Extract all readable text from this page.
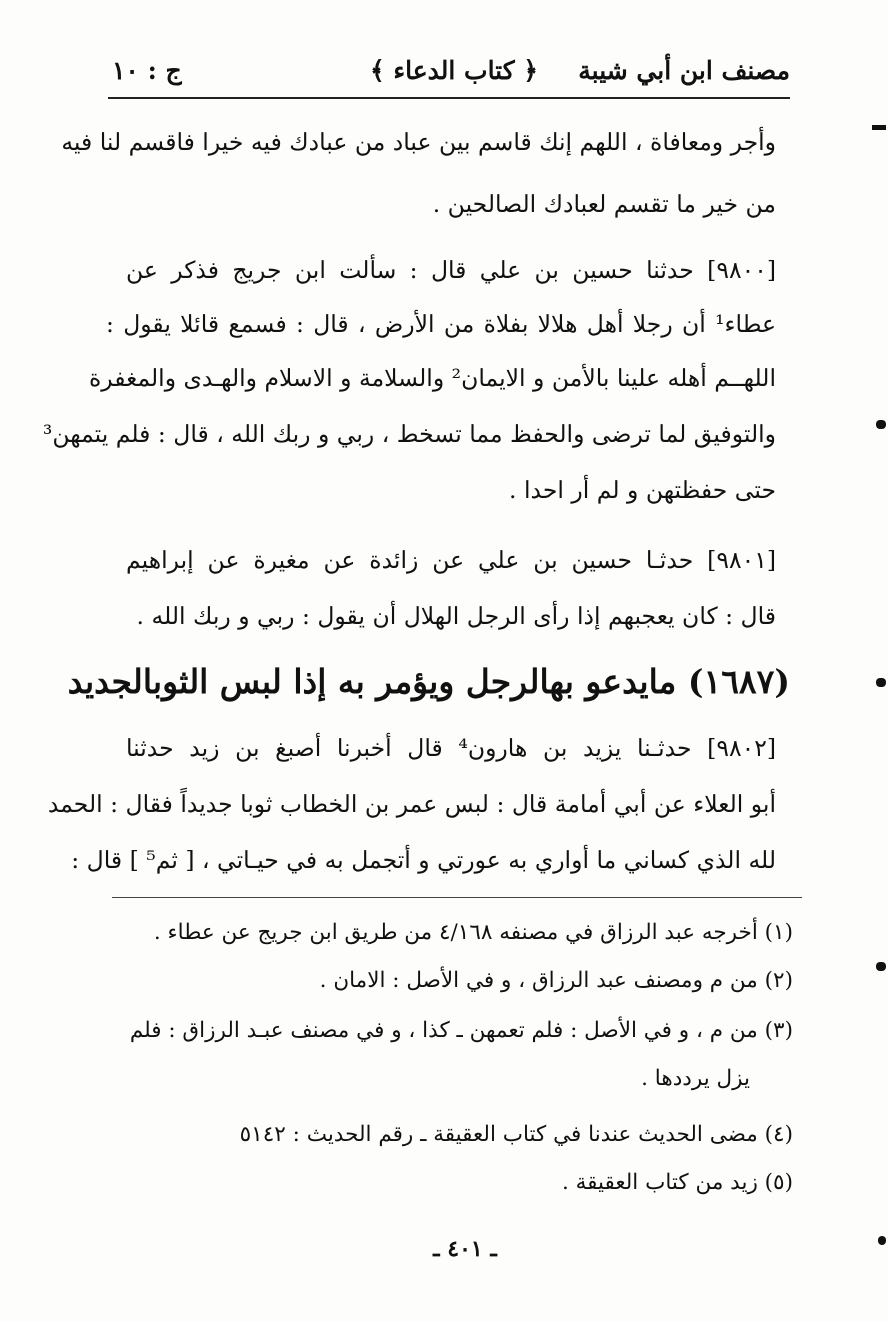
مصنف ابن أبي شيبة
﴿ كتاب الدعاء ﴾
ج : ١٠
وأجر ومعافاة ، اللهم إنك قاسم بين عباد من عبادك فيه خيرا فاقسم لنا فيه
من خير ما تقسم لعبادك الصالحين .
[٩٨٠٠] حدثنا حسين بن علي قال : سألت ابن جريج فذكر عن
عطاء¹ أن رجلا أهل هلالا بفلاة من الأرض ، قال : فسمع قائلا يقول :
اللهــم أهله علينا بالأمن و الايمان² والسلامة و الاسلام والهـدى والمغفرة
والتوفيق لما ترضى والحفظ مما تسخط ، ربي و ربك الله ، قال : فلم يتمهن³
حتى حفظتهن و لم أر احدا .
[٩٨٠١] حدثـا حسين بن علي عن زائدة عن مغيرة عن إبراهيم
قال : كان يعجبهم إذا رأى الرجل الهلال أن يقول : ربي و ربك الله .
(١٦٨٧) مايدعو بهالرجل ويؤمر به إذا لبس الثوبالجديد
[٩٨٠٢] حدثـنا يزيد بن هارون⁴ قال أخبرنا أصبغ بن زيد حدثنا
أبو العلاء عن أبي أمامة قال : لبس عمر بن الخطاب ثوبا جديداً فقال : الحمد
لله الذي كساني ما أواري به عورتي و أتجمل به في حيـاتي ، [ ثم⁵ ] قال :
(١) أخرجه عبد الرزاق في مصنفه ٤/١٦٨ من طريق ابن جريج عن عطاء .
(٢) من م ومصنف عبد الرزاق ، و في الأصل : الامان .
(٣) من م ، و في الأصل : فلم تعمهن ـ كذا ، و في مصنف عبـد الرزاق : فلم
يزل يرددها .
(٤) مضى الحديث عندنا في كتاب العقيقة ـ رقم الحديث : ٥١٤٢
(٥) زيد من كتاب العقيقة .
ـ ٤٠١ ـ
